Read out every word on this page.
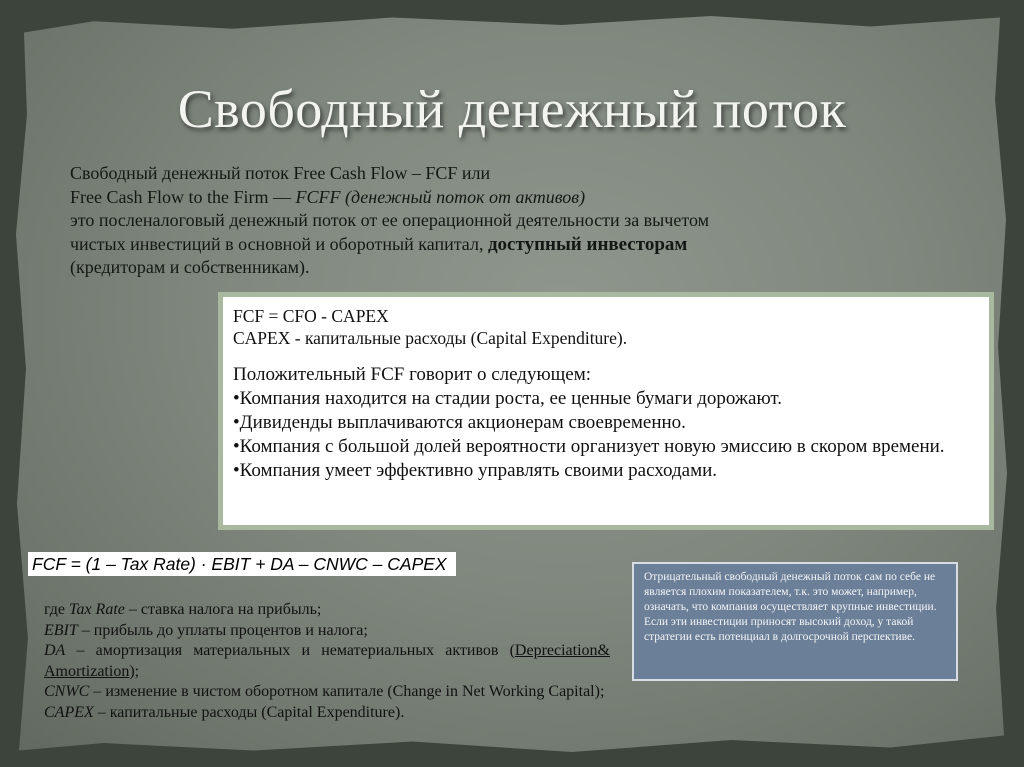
Свободный денежный поток
Свободный денежный поток Free Cash Flow – FCF или
Free Cash Flow to the Firm — FCFF (денежный поток от активов)
это посленалоговый денежный поток от ее операционной деятельности за вычетом
чистых инвестиций в основной и оборотный капитал, доступный инвесторам
(кредиторам и собственникам).
FCF = CFO - CAPEX
CAPEX - капитальные расходы (Capital Expenditure).
Положительный FCF говорит о следующем:
•Компания находится на стадии роста, ее ценные бумаги дорожают.
•Дивиденды выплачиваются акционерам своевременно.
•Компания с большой долей вероятности организует новую эмиссию в скором времени.
•Компания умеет эффективно управлять своими расходами.
FCF = (1 – Tax Rate) · EBIT + DA – CNWC – CAPEX

где Tax Rate – ставка налога на прибыль;

EBIT – прибыль до уплаты процентов и налога;

DA – амортизация материальных и нематериальных активов (Depreciation& Amortization);

CNWC – изменение в чистом оборотном капитале (Change in Net Working Capital);

CAPEX – капитальные расходы (Capital Expenditure).

Отрицательный свободный денежный поток сам по себе не является плохим показателем, т.к. это может, например, означать, что компания осуществляет крупные инвестиции. Если эти инвестиции приносят высокий доход, у такой стратегии есть потенциал в долгосрочной перспективе.
